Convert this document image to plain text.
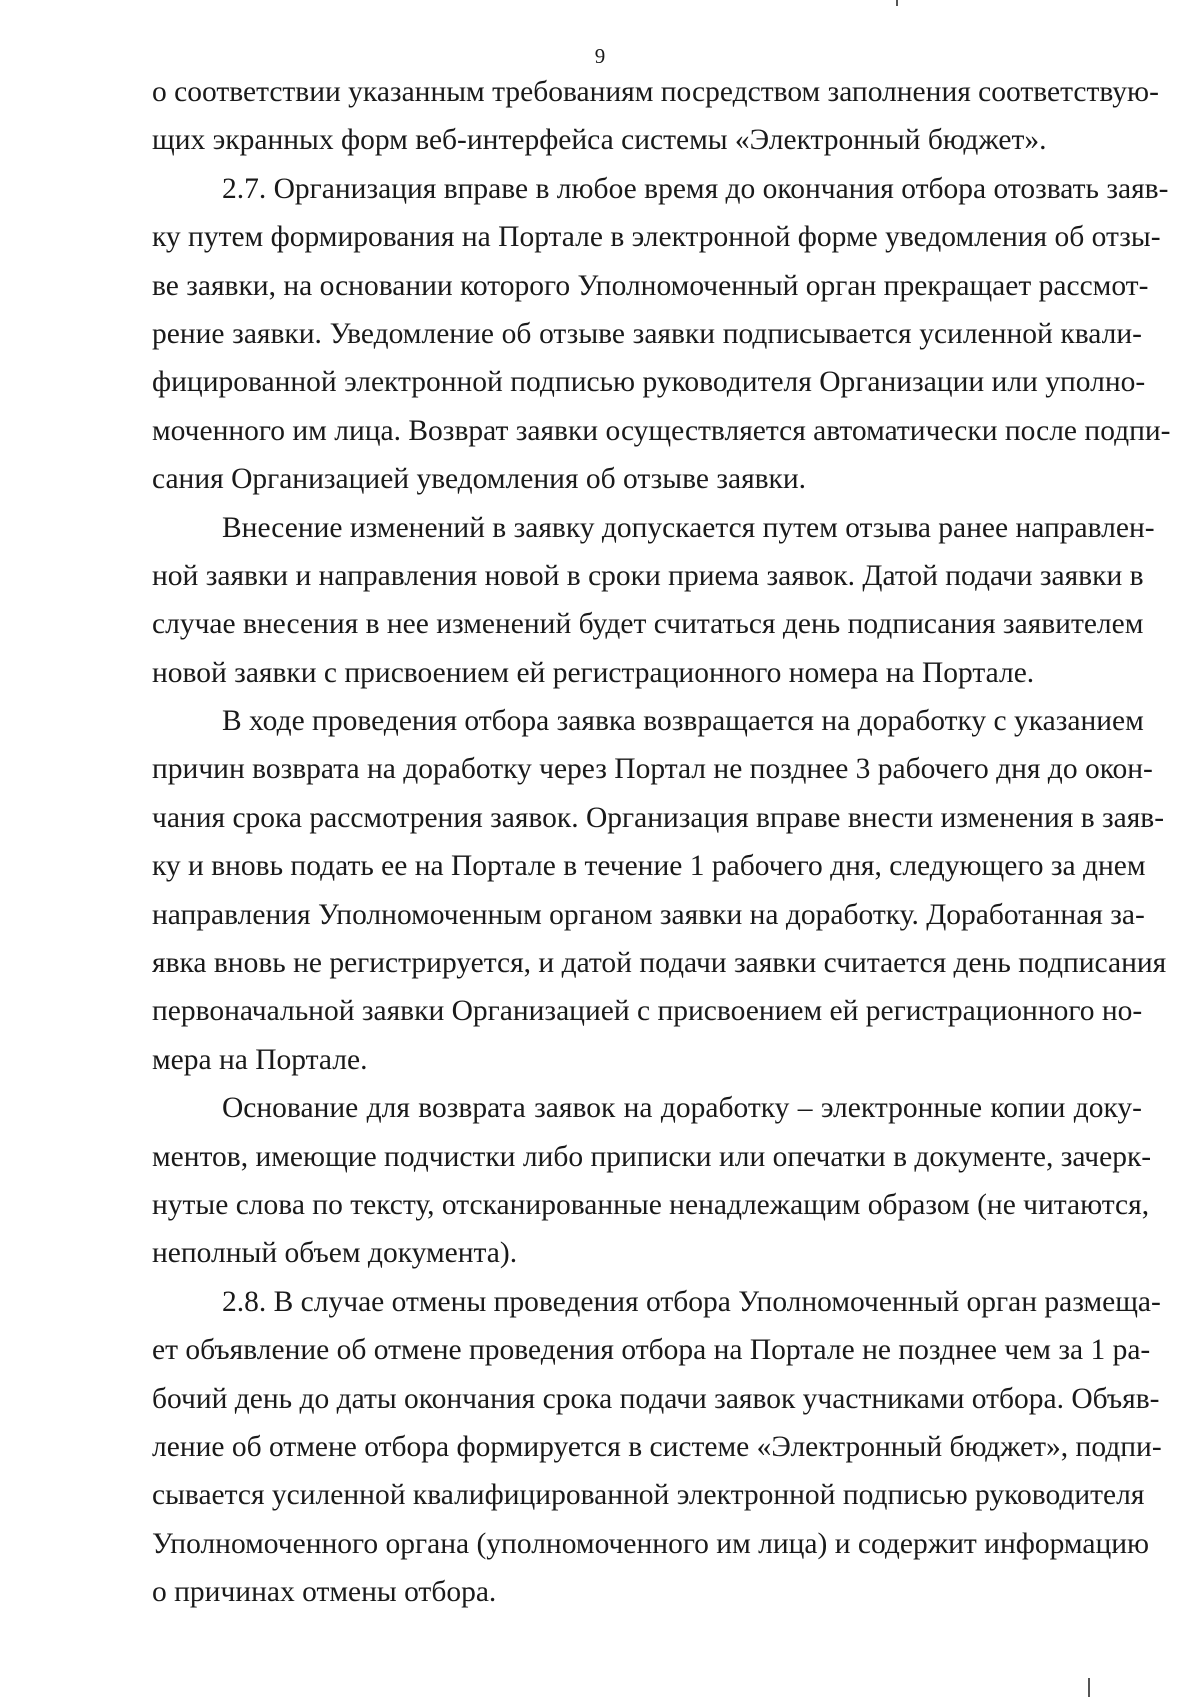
9
о соответствии указанным требованиям посредством заполнения соответствую-
щих экранных форм веб-интерфейса системы «Электронный бюджет».
2.7. Организация вправе в любое время до окончания отбора отозвать заяв-
ку путем формирования на Портале в электронной форме уведомления об отзы-
ве заявки, на основании которого Уполномоченный орган прекращает рассмот-
рение заявки. Уведомление об отзыве заявки подписывается усиленной квали-
фицированной электронной подписью руководителя Организации или уполно-
моченного им лица. Возврат заявки осуществляется автоматически после подпи-
сания Организацией уведомления об отзыве заявки.
Внесение изменений в заявку допускается путем отзыва ранее направлен-
ной заявки и направления новой в сроки приема заявок. Датой подачи заявки в
случае внесения в нее изменений будет считаться день подписания заявителем
новой заявки с присвоением ей регистрационного номера на Портале.
В ходе проведения отбора заявка возвращается на доработку с указанием
причин возврата на доработку через Портал не позднее 3 рабочего дня до окон-
чания срока рассмотрения заявок. Организация вправе внести изменения в заяв-
ку и вновь подать ее на Портале в течение 1 рабочего дня, следующего за днем
направления Уполномоченным органом заявки на доработку. Доработанная за-
явка вновь не регистрируется, и датой подачи заявки считается день подписания
первоначальной заявки Организацией с присвоением ей регистрационного но-
мера на Портале.
Основание для возврата заявок на доработку – электронные копии доку-
ментов, имеющие подчистки либо приписки или опечатки в документе, зачерк-
нутые слова по тексту, отсканированные ненадлежащим образом (не читаются,
неполный объем документа).
2.8. В случае отмены проведения отбора Уполномоченный орган размеща-
ет объявление об отмене проведения отбора на Портале не позднее чем за 1 ра-
бочий день до даты окончания срока подачи заявок участниками отбора. Объяв-
ление об отмене отбора формируется в системе «Электронный бюджет», подпи-
сывается усиленной квалифицированной электронной подписью руководителя
Уполномоченного органа (уполномоченного им лица) и содержит информацию
о причинах отмены отбора.
